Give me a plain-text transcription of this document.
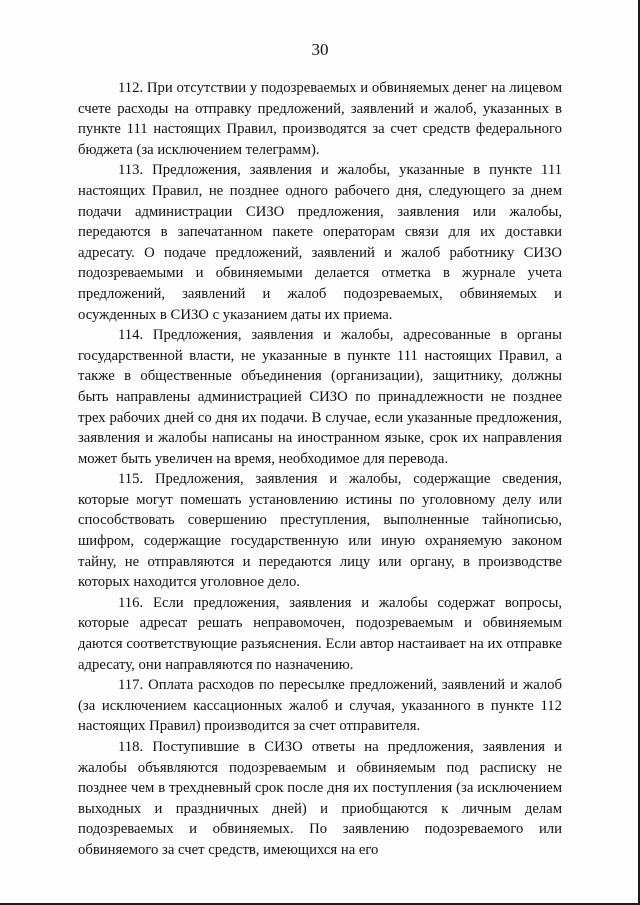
30

112. При отсутствии у подозреваемых и обвиняемых денег на лицевом счете расходы на отправку предложений, заявлений и жалоб, указанных в пункте 111 настоящих Правил, производятся за счет средств федерального бюджета (за исключением телеграмм).

113. Предложения, заявления и жалобы, указанные в пункте 111 настоящих Правил, не позднее одного рабочего дня, следующего за днем подачи администрации СИЗО предложения, заявления или жалобы, передаются в запечатанном пакете операторам связи для их доставки адресату. О подаче предложений, заявлений и жалоб работнику СИЗО подозреваемыми и обвиняемыми делается отметка в журнале учета предложений, заявлений и жалоб подозреваемых, обвиняемых и осужденных в СИЗО с указанием даты их приема.

114. Предложения, заявления и жалобы, адресованные в органы государственной власти, не указанные в пункте 111 настоящих Правил, а также в общественные объединения (организации), защитнику, должны быть направлены администрацией СИЗО по принадлежности не позднее трех рабочих дней со дня их подачи. В случае, если указанные предложения, заявления и жалобы написаны на иностранном языке, срок их направления может быть увеличен на время, необходимое для перевода.

115. Предложения, заявления и жалобы, содержащие сведения, которые могут помешать установлению истины по уголовному делу или способствовать совершению преступления, выполненные тайнописью, шифром, содержащие государственную или иную охраняемую законом тайну, не отправляются и передаются лицу или органу, в производстве которых находится уголовное дело.

116. Если предложения, заявления и жалобы содержат вопросы, которые адресат решать неправомочен, подозреваемым и обвиняемым даются соответствующие разъяснения. Если автор настаивает на их отправке адресату, они направляются по назначению.

117. Оплата расходов по пересылке предложений, заявлений и жалоб (за исключением кассационных жалоб и случая, указанного в пункте 112 настоящих Правил) производится за счет отправителя.

118. Поступившие в СИЗО ответы на предложения, заявления и жалобы объявляются подозреваемым и обвиняемым под расписку не позднее чем в трехдневный срок после дня их поступления (за исключением выходных и праздничных дней) и приобщаются к личным делам подозреваемых и обвиняемых. По заявлению подозреваемого или обвиняемого за счет средств, имеющихся на его
